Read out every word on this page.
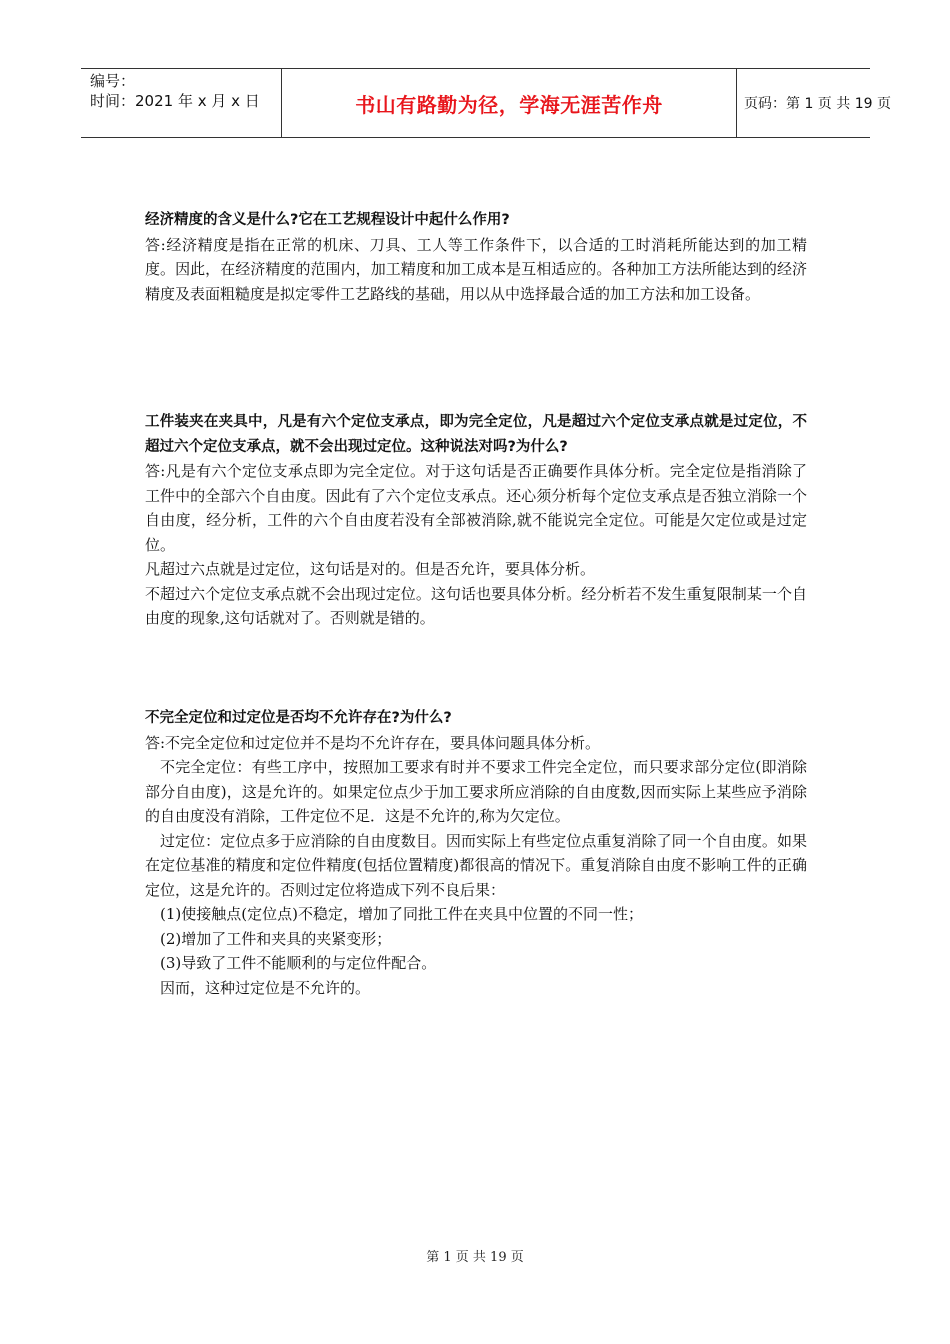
编号：
时间：2021 年 x 月 x 日	书山有路勤为径，学海无涯苦作舟	页码：第 1 页 共 19 页

经济精度的含义是什么?它在工艺规程设计中起什么作用?

答:经济精度是指在正常的机床、刀具、工人等工作条件下，以合适的工时消耗所能达到的加工精度。因此，在经济精度的范围内，加工精度和加工成本是互相适应的。各种加工方法所能达到的经济精度及表面粗糙度是拟定零件工艺路线的基础，用以从中选择最合适的加工方法和加工设备。

工件装夹在夹具中，凡是有六个定位支承点，即为完全定位，凡是超过六个定位支承点就是过定位，不超过六个定位支承点，就不会出现过定位。这种说法对吗?为什么?

答:凡是有六个定位支承点即为完全定位。对于这句话是否正确要作具体分析。完全定位是指消除了工件中的全部六个自由度。因此有了六个定位支承点。还心须分析每个定位支承点是否独立消除一个自由度，经分析，工件的六个自由度若没有全部被消除,就不能说完全定位。可能是欠定位或是过定位。

凡超过六点就是过定位，这句话是对的。但是否允许，要具体分析。

不超过六个定位支承点就不会出现过定位。这句话也要具体分析。经分析若不发生重复限制某一个自由度的现象,这句话就对了。否则就是错的。

不完全定位和过定位是否均不允许存在?为什么?

答:不完全定位和过定位并不是均不允许存在，要具体问题具体分析。

不完全定位：有些工序中，按照加工要求有时并不要求工件完全定位，而只要求部分定位(即消除部分自由度)，这是允许的。如果定位点少于加工要求所应消除的自由度数,因而实际上某些应予消除的自由度没有消除，工件定位不足．这是不允许的,称为欠定位。

过定位：定位点多于应消除的自由度数目。因而实际上有些定位点重复消除了同一个自由度。如果在定位基准的精度和定位件精度(包括位置精度)都很高的情况下。重复消除自由度不影响工件的正确定位，这是允许的。否则过定位将造成下列不良后果：

(1)使接触点(定位点)不稳定，增加了同批工件在夹具中位置的不同一性；

(2)增加了工件和夹具的夹紧变形；

(3)导致了工件不能顺利的与定位件配合。

因而，这种过定位是不允许的。

第 1 页 共 19 页
